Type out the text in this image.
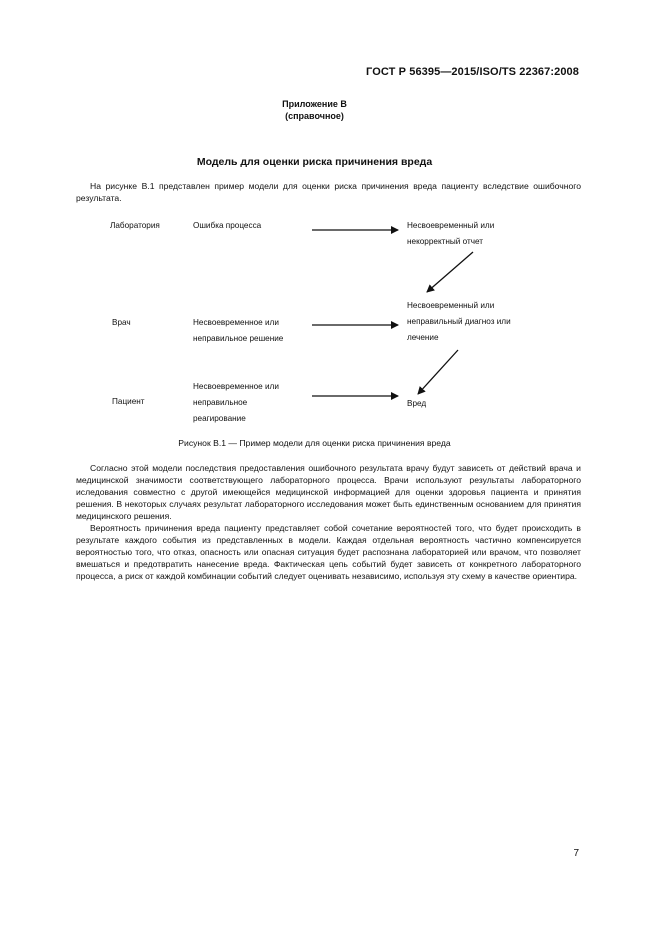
ГОСТ Р 56395—2015/ISO/TS 22367:2008
Приложение В
(справочное)
Модель для оценки риска причинения вреда
На рисунке В.1 представлен пример модели для оценки риска причинения вреда пациенту вследствие ошибочного результата.
Лаборатория
Врач
Пациент
Ошибка процесса	Несвоевременный или некорректный отчет
Несвоевременное или неправильное решение
Несвоевременный или неправильный диагноз или лечение
Несвоевременное или неправильное реагирование
Вред
Рисунок В.1 — Пример модели для оценки риска причинения вреда
Согласно этой модели последствия предоставления ошибочного результата врачу будут зависеть от действий врача и медицинской значимости соответствующего лабораторного процесса. Врачи используют результаты лабораторного иследования совместно с другой имеющейся медицинской информацией для оценки здоровья пациента и принятия решения. В некоторых случаях результат лабораторного исследования может быть единственным основанием для принятия медицинского решения.
Вероятность причинения вреда пациенту представляет собой сочетание вероятностей того, что будет происходить в результате каждого события из представленных в модели. Каждая отдельная вероятность частично компенсируется вероятностью того, что отказ, опасность или опасная ситуация будет распознана лабораторией или врачом, что позволяет вмешаться и предотвратить нанесение вреда. Фактическая цепь событий будет зависеть от конкретного лабораторного процесса, а риск от каждой комбинации событий следует оценивать независимо, используя эту схему в качестве ориентира.
7
